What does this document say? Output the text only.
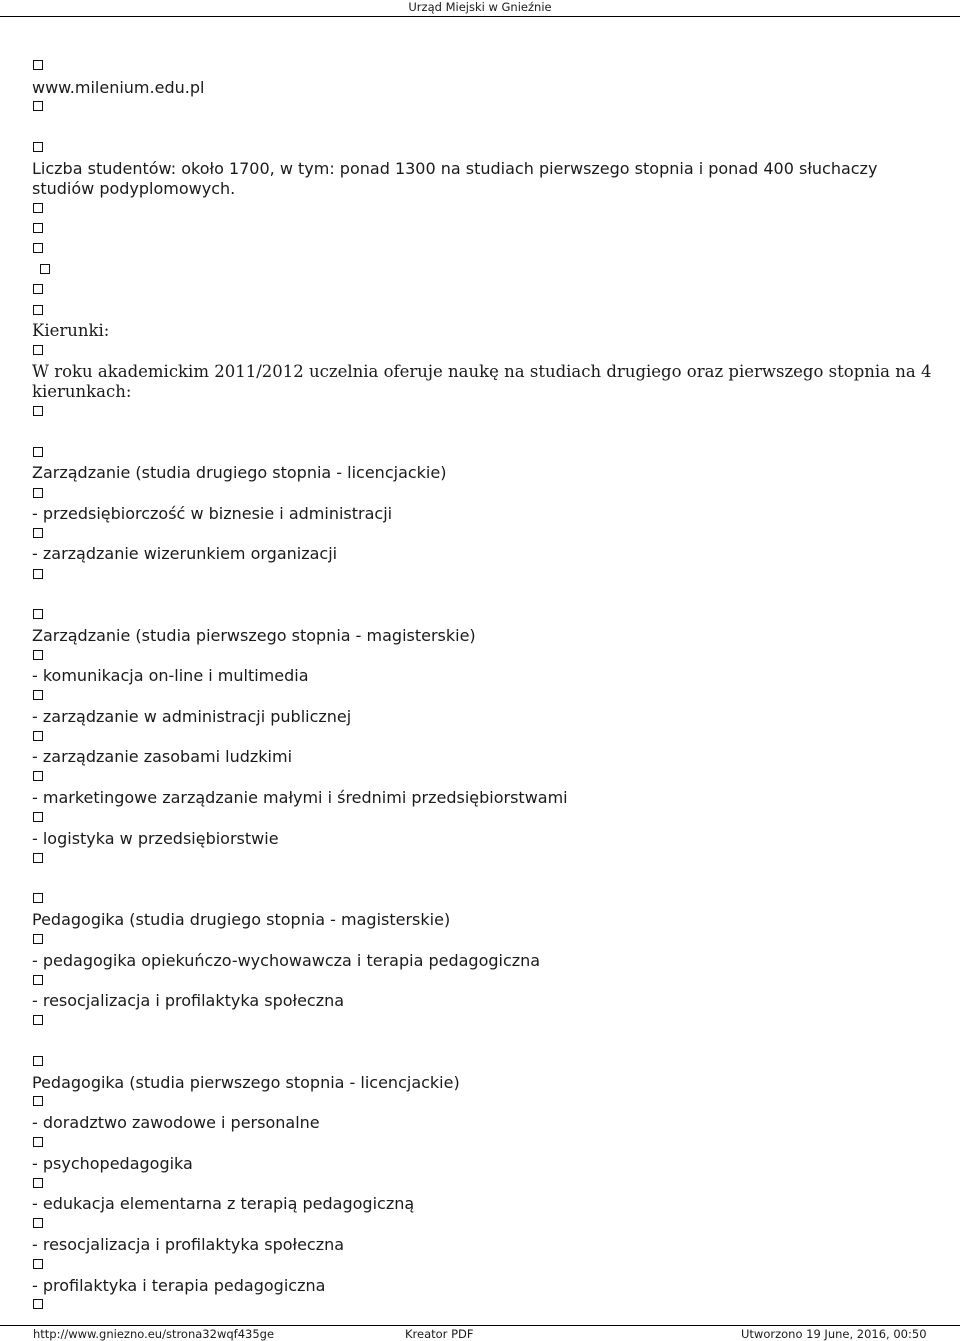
Urząd Miejski w Gnieźnie
www.milenium.edu.pl
Liczba studentów: około 1700, w tym: ponad 1300 na studiach pierwszego stopnia i ponad 400 słuchaczy studiów podyplomowych.
Kierunki:
W roku akademickim 2011/2012 uczelnia oferuje naukę na studiach drugiego oraz pierwszego stopnia na 4 kierunkach:
Zarządzanie (studia drugiego stopnia - licencjackie)
- przedsiębiorczość w biznesie i administracji
- zarządzanie wizerunkiem organizacji
Zarządzanie (studia pierwszego stopnia - magisterskie)
- komunikacja on-line i multimedia
- zarządzanie w administracji publicznej
- zarządzanie zasobami ludzkimi
- marketingowe zarządzanie małymi i średnimi przedsiębiorstwami
- logistyka w przedsiębiorstwie
Pedagogika (studia drugiego stopnia - magisterskie)
- pedagogika opiekuńczo-wychowawcza i terapia pedagogiczna
- resocjalizacja i profilaktyka społeczna
Pedagogika (studia pierwszego stopnia - licencjackie)
- doradztwo zawodowe i personalne
- psychopedagogika
- edukacja elementarna z terapią pedagogiczną
- resocjalizacja i profilaktyka społeczna
- profilaktyka i terapia pedagogiczna
http://www.gniezno.eu/strona32wqf435ge	Kreator PDF	Utworzono 19 June, 2016, 00:50
